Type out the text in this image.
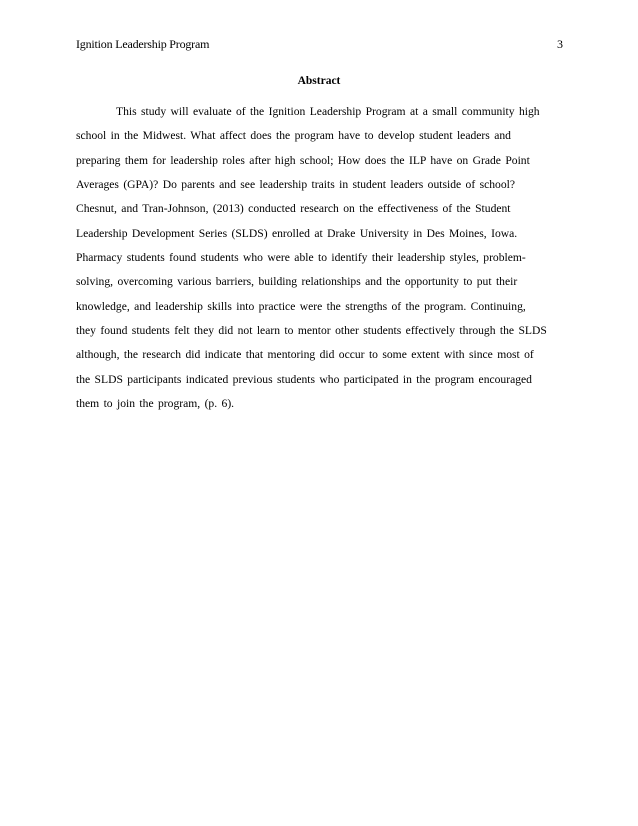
Ignition Leadership Program	3
Abstract
This study will evaluate of the Ignition Leadership Program at a small community high
school in the Midwest. What affect does the program have to develop student leaders and
preparing them for leadership roles after high school; How does the ILP have on Grade Point
Averages (GPA)? Do parents and see leadership traits in student leaders outside of school?
Chesnut, and Tran-Johnson, (2013) conducted research on the effectiveness of the Student
Leadership Development Series (SLDS) enrolled at Drake University in Des Moines, Iowa.
Pharmacy students found students who were able to identify their leadership styles, problem-
solving, overcoming various barriers, building relationships and the opportunity to put their
knowledge, and leadership skills into practice were the strengths of the program. Continuing,
they found students felt they did not learn to mentor other students effectively through the SLDS
although, the research did indicate that mentoring did occur to some extent with since most of
the SLDS participants indicated previous students who participated in the program encouraged
them to join the program, (p. 6).
